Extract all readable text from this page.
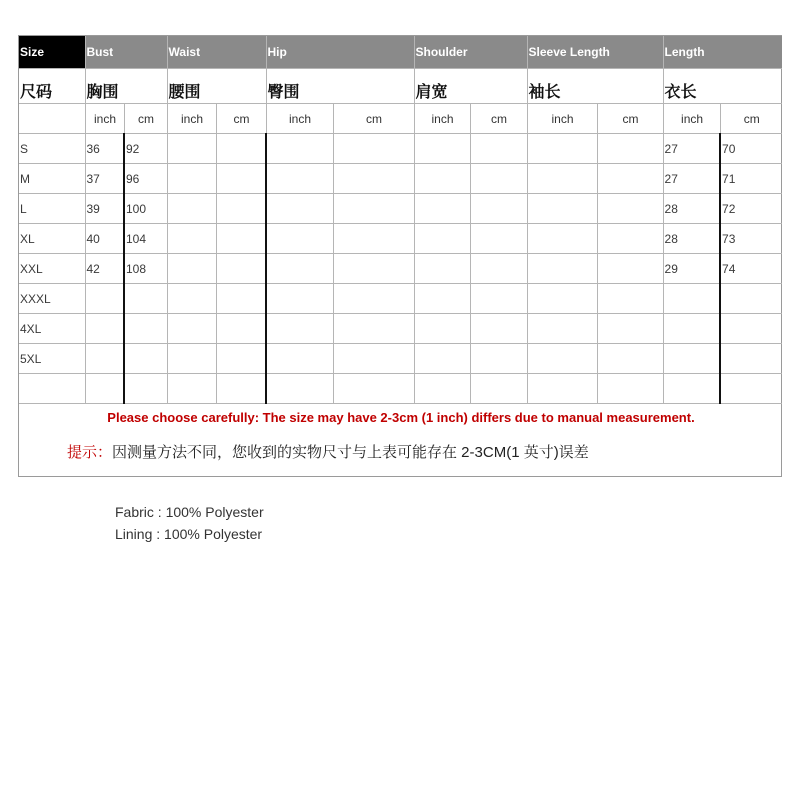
Size	Bust		Waist		Hip		Shoulder		Sleeve Length		Length	
尺码	胸围		腰围		臀围		肩宽		袖长		衣长	
	inch	cm	inch	cm	inch	cm	inch	cm	inch	cm	inch	cm
S	36	92									27	70
M	37	96									27	71
L	39	100									28	72
XL	40	104									28	73
XXL	42	108									29	74
XXXL												
4XL												
5XL												

Please choose carefully: The size may have 2-3cm (1 inch) differs due to manual measurement.
提示：因测量方法不同，您收到的实物尺寸与上表可能存在 2-3CM(1 英寸)误差
Fabric : 100% Polyester
Lining : 100% Polyester
